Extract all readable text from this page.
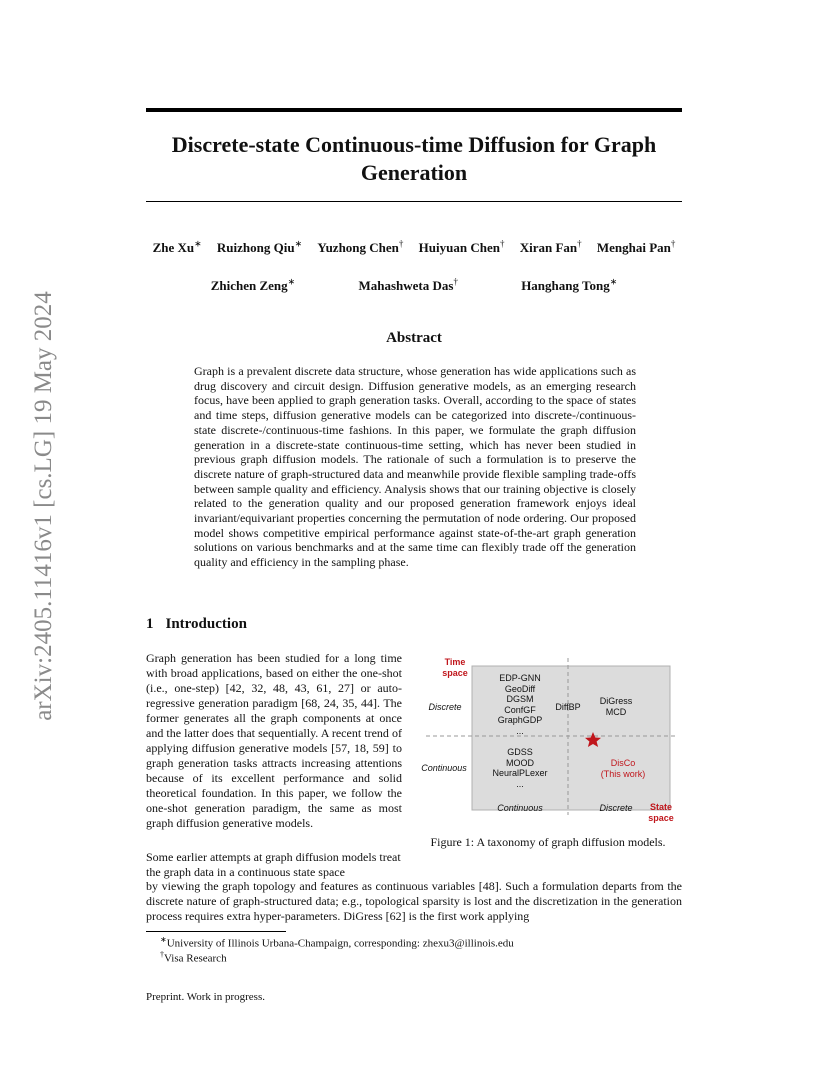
arXiv:2405.11416v1 [cs.LG] 19 May 2024
Discrete-state Continuous-time Diffusion for Graph Generation
Zhe Xu∗ Ruizhong Qiu∗ Yuzhong Chen† Huiyuan Chen† Xiran Fan† Menghai Pan†
Zhichen Zeng∗	Mahashweta Das†	Hanghang Tong∗
Abstract
Graph is a prevalent discrete data structure, whose generation has wide applications such as drug discovery and circuit design. Diffusion generative models, as an emerging research focus, have been applied to graph generation tasks. Overall, according to the space of states and time steps, diffusion generative models can be categorized into discrete-/continuous-state discrete-/continuous-time fashions. In this paper, we formulate the graph diffusion generation in a discrete-state continuous-time setting, which has never been studied in previous graph diffusion models. The rationale of such a formulation is to preserve the discrete nature of graph-structured data and meanwhile provide flexible sampling trade-offs between sample quality and efficiency. Analysis shows that our training objective is closely related to the generation quality and our proposed generation framework enjoys ideal invariant/equivariant properties concerning the permutation of node ordering. Our proposed model shows competitive empirical performance against state-of-the-art graph generation solutions on various benchmarks and at the same time can flexibly trade off the generation quality and efficiency in the sampling phase.
1 Introduction
Graph generation has been studied for a long time with broad applications, based on either the one-shot (i.e., one-step) [42, 32, 48, 43, 61, 27] or auto-regressive generation paradigm [68, 24, 35, 44]. The former generates all the graph components at once and the latter does that sequentially. A recent trend of applying diffusion generative models [57, 18, 59] to graph generation tasks attracts increasing attentions because of its excellent performance and solid theoretical foundation. In this paper, we follow the one-shot generation paradigm, the same as most graph diffusion generative models.
Some earlier attempts at graph diffusion models treat the graph data in a continuous state space
by viewing the graph topology and features as continuous variables [48]. Such a formulation departs from the discrete nature of graph-structured data; e.g., topological sparsity is lost and the discretization in the generation process requires extra hyper-parameters. DiGress [62] is the first work applying
Time space
State space
Discrete
Continuous
Continuous	Discrete
EDP-GNN
GeoDiff
DGSM
ConfGF
GraphGDP
...
GDSS
MOOD
NeuralPLexer
...
DiGress
MCD
DiffBP
DisCo
(This work)
Figure 1: A taxonomy of graph diffusion models.
∗University of Illinois Urbana-Champaign, corresponding: zhexu3@illinois.edu
†Visa Research
Preprint. Work in progress.
